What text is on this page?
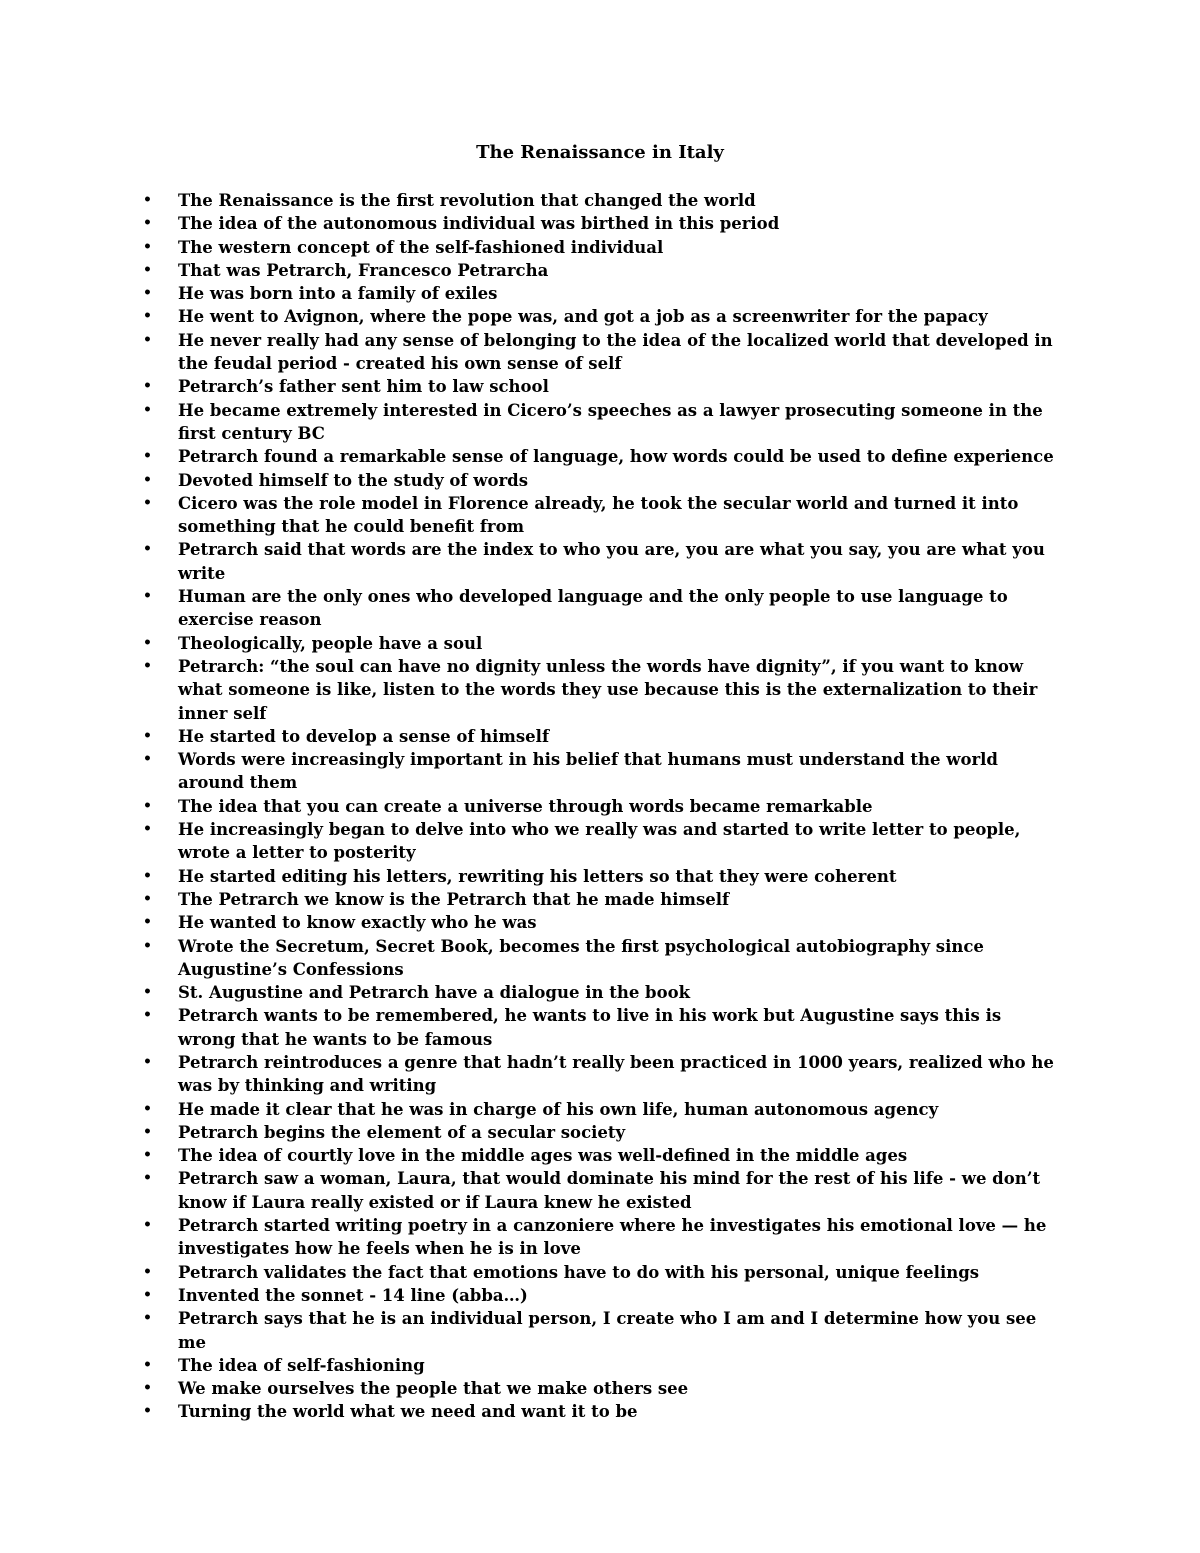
The Renaissance in Italy
• The Renaissance is the first revolution that changed the world
• The idea of the autonomous individual was birthed in this period
• The western concept of the self-fashioned individual
• That was Petrarch, Francesco Petrarcha
• He was born into a family of exiles
• He went to Avignon, where the pope was, and got a job as a screenwriter for the papacy
• He never really had any sense of belonging to the idea of the localized world that developed in the feudal period - created his own sense of self
• Petrarch’s father sent him to law school
• He became extremely interested in Cicero’s speeches as a lawyer prosecuting someone in the first century BC
• Petrarch found a remarkable sense of language, how words could be used to define experience
• Devoted himself to the study of words
• Cicero was the role model in Florence already, he took the secular world and turned it into something that he could benefit from
• Petrarch said that words are the index to who you are, you are what you say, you are what you write
• Human are the only ones who developed language and the only people to use language to exercise reason
• Theologically, people have a soul
• Petrarch: “the soul can have no dignity unless the words have dignity”, if you want to know what someone is like, listen to the words they use because this is the externalization to their inner self
• He started to develop a sense of himself
• Words were increasingly important in his belief that humans must understand the world around them
• The idea that you can create a universe through words became remarkable
• He increasingly began to delve into who we really was and started to write letter to people, wrote a letter to posterity
• He started editing his letters, rewriting his letters so that they were coherent
• The Petrarch we know is the Petrarch that he made himself
• He wanted to know exactly who he was
• Wrote the Secretum, Secret Book, becomes the first psychological autobiography since Augustine’s Confessions
• St. Augustine and Petrarch have a dialogue in the book
• Petrarch wants to be remembered, he wants to live in his work but Augustine says this is wrong that he wants to be famous
• Petrarch reintroduces a genre that hadn’t really been practiced in 1000 years, realized who he was by thinking and writing
• He made it clear that he was in charge of his own life, human autonomous agency
• Petrarch begins the element of a secular society
• The idea of courtly love in the middle ages was well-defined in the middle ages
• Petrarch saw a woman, Laura, that would dominate his mind for the rest of his life - we don’t know if Laura really existed or if Laura knew he existed
• Petrarch started writing poetry in a canzoniere where he investigates his emotional love — he investigates how he feels when he is in love
• Petrarch validates the fact that emotions have to do with his personal, unique feelings
• Invented the sonnet - 14 line (abba…)
• Petrarch says that he is an individual person, I create who I am and I determine how you see me
• The idea of self-fashioning
• We make ourselves the people that we make others see
• Turning the world what we need and want it to be
